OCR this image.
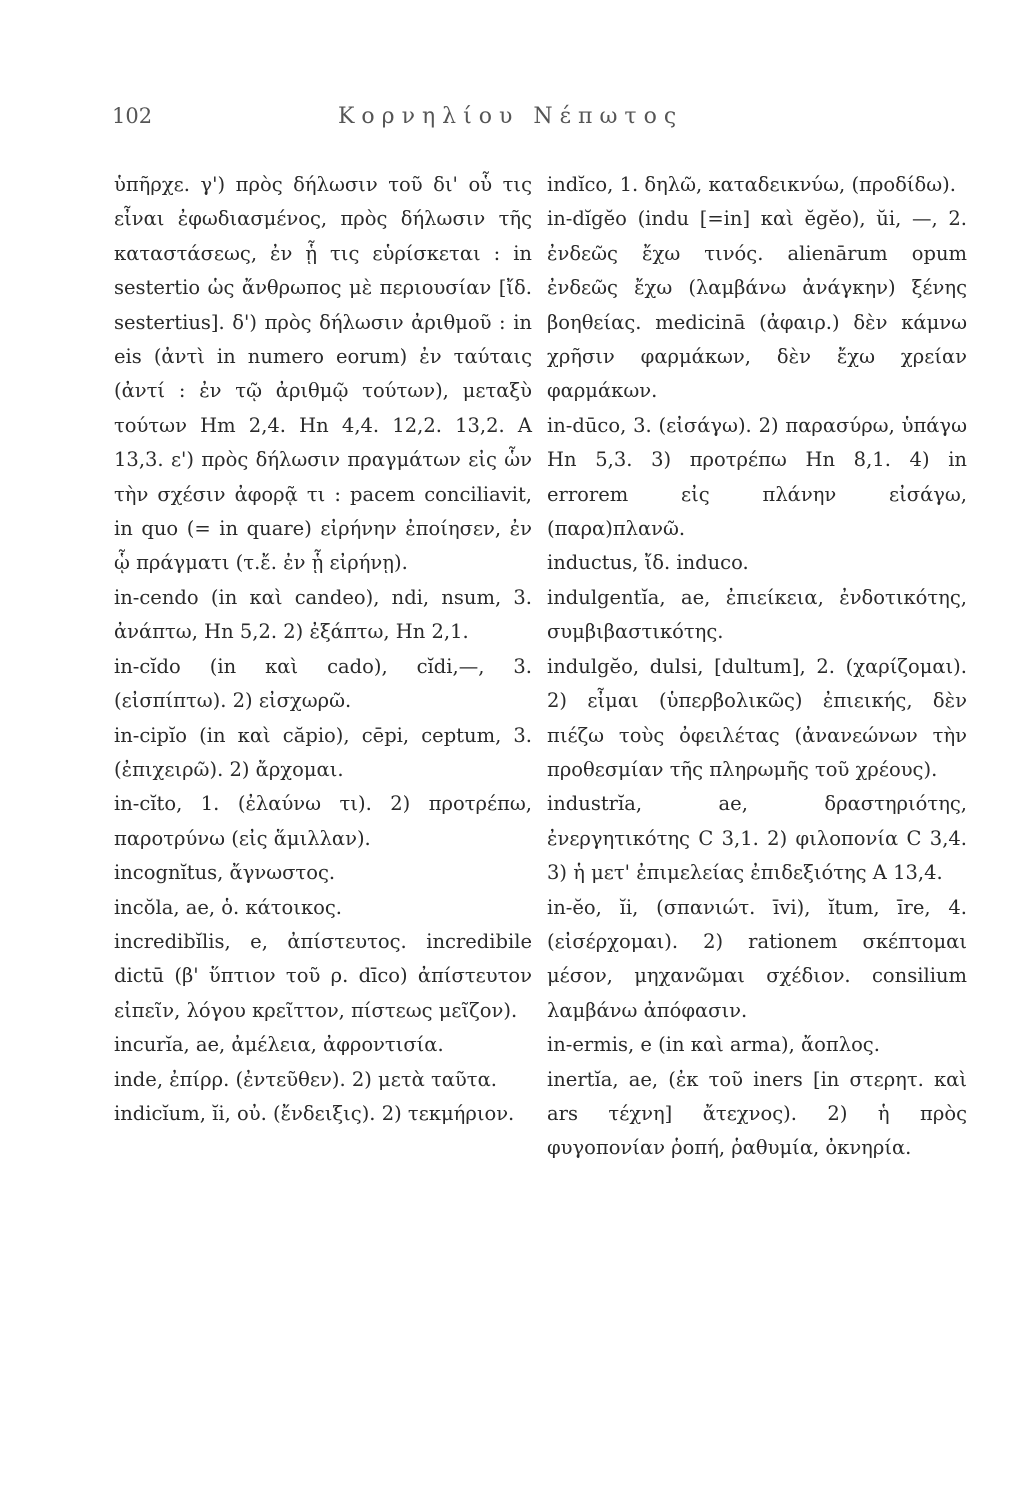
102	Κορνηλίου Νέπωτος

ὑπῆρχε. γ') πρὸς δήλωσιν τοῦ δι' οὗ τις εἶναι ἐφωδιασμένος, πρὸς δήλωσιν τῆς καταστάσεως, ἐν ᾗ τις εὑρίσκεται : in sestertio ὡς ἄνθρωπος μὲ περιουσίαν [ἴδ. sestertius]. δ') πρὸς δήλωσιν ἀριθμοῦ : in eis (ἀντὶ in numero eorum) ἐν ταύταις (ἀντί : ἐν τῷ ἀριθμῷ τούτων), μεταξὺ τούτων Hm 2,4. Hn 4,4. 12,2. 13,2. A 13,3. ε') πρὸς δήλωσιν πραγμάτων εἰς ὧν τὴν σχέσιν ἀφορᾷ τι : pacem conciliavit, in quo (= in quare) εἰρήνην ἐποίησεν, ἐν ᾧ πράγματι (τ.ἔ. ἐν ᾗ εἰρήνῃ).

in-cendo (in καὶ candeo), ndi, nsum, 3. ἀνάπτω, Hn 5,2. 2) ἐξάπτω, Hn 2,1.

in-cĭdo (in καὶ cado), cĭdi,—, 3. (εἰσπίπτω). 2) εἰσχωρῶ.

in-cipĭo (in καὶ căpio), cēpi, ceptum, 3. (ἐπιχειρῶ). 2) ἄρχομαι.

in-cĭto, 1. (ἐλαύνω τι). 2) προτρέπω, παροτρύνω (εἰς ἅμιλλαν).

incognĭtus, ἄγνωστος.

incŏla, ae, ὁ. κάτοικος.

incredibĭlis, e, ἀπίστευτος. incredibile dictū (β' ὕπτιον τοῦ ρ. dīco) ἀπίστευτον εἰπεῖν, λόγου κρεῖττον, πίστεως μεῖζον).

incurĭa, ae, ἀμέλεια, ἀφροντισία.

inde, ἐπίρρ. (ἐντεῦθεν). 2) μετὰ ταῦτα.

indicĭum, ĭi, οὐ. (ἔνδειξις). 2) τεκμήριον.

indĭco, 1. δηλῶ, καταδεικνύω, (προδίδω).

in-dĭgĕo (indu [=in] καὶ ĕgĕo), ŭi, —, 2. ἐνδεῶς ἔχω τινός. alienārum opum ἐνδεῶς ἔχω (λαμβάνω ἀνάγκην) ξένης βοηθείας. medicinā (ἀφαιρ.) δὲν κάμνω χρῆσιν φαρμάκων, δὲν ἔχω χρείαν φαρμάκων.

in-dūco, 3. (εἰσάγω). 2) παρασύρω, ὑπάγω Hn 5,3. 3) προτρέπω Hn 8,1. 4) in errorem εἰς πλάνην εἰσάγω, (παρα)πλανῶ.

inductus, ἴδ. induco.

indulgentĭa, ae, ἐπιείκεια, ἐνδοτικότης, συμβιβαστικότης.

indulgĕo, dulsi, [dultum], 2. (χαρίζομαι). 2) εἶμαι (ὑπερβολικῶς) ἐπιεικής, δὲν πιέζω τοὺς ὀφειλέτας (ἀνανεώνων τὴν προθεσμίαν τῆς πληρωμῆς τοῦ χρέους).

industrĭa, ae, δραστηριότης, ἐνεργητικότης C 3,1. 2) φιλοπονία C 3,4. 3) ἡ μετ' ἐπιμελείας ἐπιδεξιότης A 13,4.

in-ĕo, ĭi, (σπανιώτ. īvi), ĭtum, īre, 4. (εἰσέρχομαι). 2) rationem σκέπτομαι μέσον, μηχανῶμαι σχέδιον. consilium λαμβάνω ἀπόφασιν.

in-ermis, e (in καὶ arma), ἄοπλος.

inertĭa, ae, (ἐκ τοῦ iners [in στερητ. καὶ ars τέχνη] ἄτεχνος). 2) ἡ πρὸς φυγοπονίαν ῥοπή, ῥαθυμία, ὀκνηρία.
